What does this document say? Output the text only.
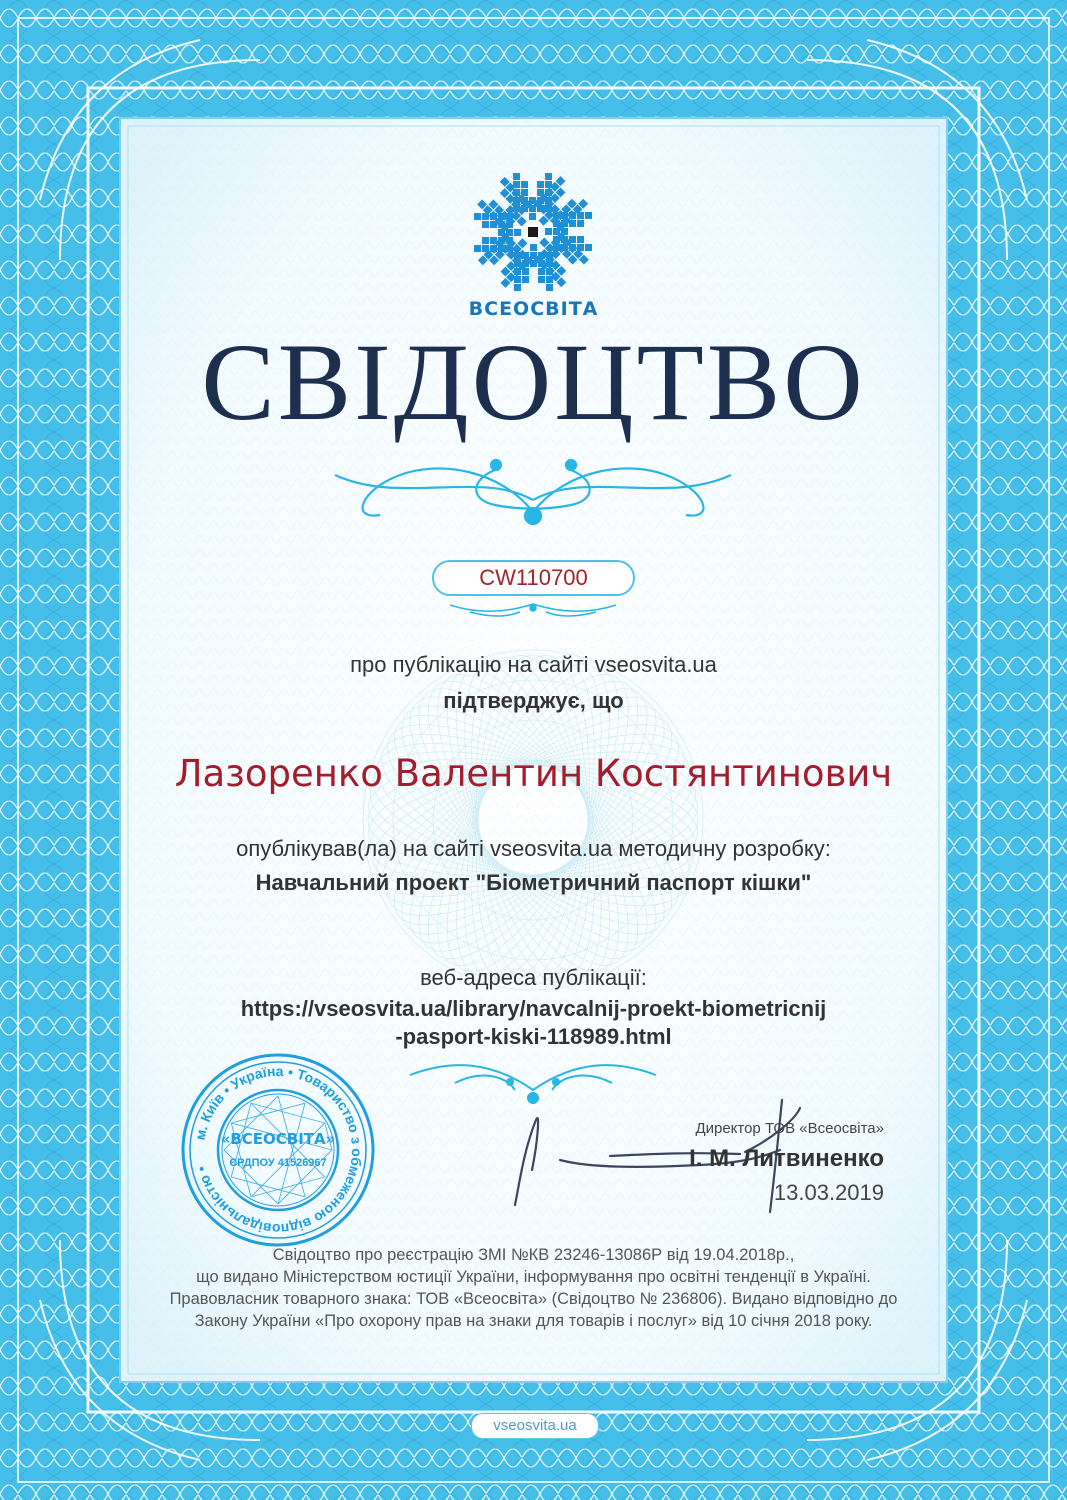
м. Київ • Україна • Товариство з обмеженою відповідальністю •
«ВСЕОСВІТА»
ЄРДПОУ 41526967
ВСЕОСВІТА
СВІДОЦТВО
CW110700
про публікацію на сайті vseosvita.ua
підтверджує, що
Лазоренко Валентин Костянтинович
опублікував(ла) на сайті vseosvita.ua методичну розробку:
Навчальний проект "Біометричний паспорт кішки"
веб-адреса публікації:
https://vseosvita.ua/library/navcalnij-proekt-biometricnij
-pasport-kiski-118989.html
Директор ТОВ «Всеосвіта»
І. М. Литвиненко
13.03.2019
Свідоцтво про реєстрацію ЗМІ №КВ 23246-13086Р від 19.04.2018р.,
що видано Міністерством юстиції України, інформування про освітні тенденції в Україні.
Правовласник товарного знака: ТОВ «Всеосвіта» (Свідоцтво № 236806). Видано відповідно до
Закону України «Про охорону прав на знаки для товарів і послуг» від 10 січня 2018 року.
vseosvita.ua
